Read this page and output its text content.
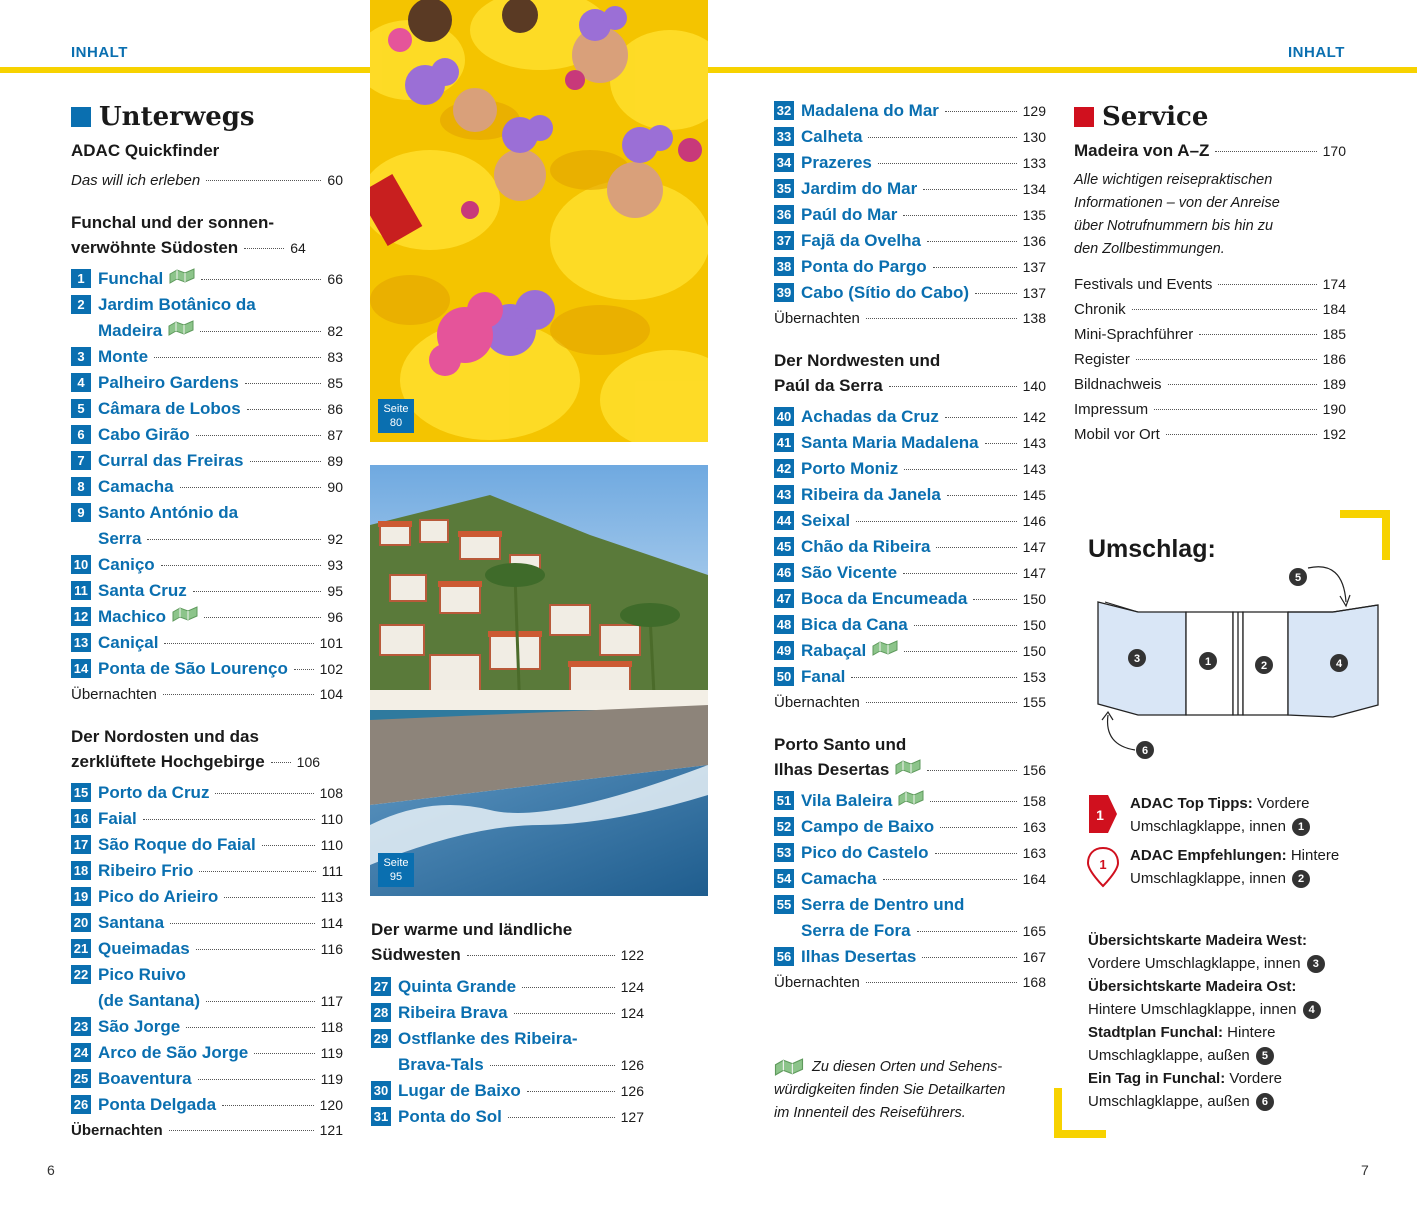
INHALT	INHALT
Unterwegs
ADAC Quickfinder
Das will ich erleben	60
Funchal und der sonnen-
verwöhnte Südosten	64
1 Funchal	66
2 Jardim Botânico da
Madeira	82
3 Monte	83
4 Palheiro Gardens	85
5 Câmara de Lobos	86
6 Cabo Girão	87
7 Curral das Freiras	89
8 Camacha	90
9 Santo António da
Serra	92
10 Caniço	93
11 Santa Cruz	95
12 Machico	96
13 Caniçal	101
14 Ponta de São Lourenço 102
Übernachten	104
Der Nordosten und das
zerklüftete Hochgebirge 106
15 Porto da Cruz	108
16 Faial	110
17 São Roque do Faial	110
18 Ribeiro Frio	111
19 Pico do Arieiro	113
20 Santana	114
21 Queimadas	116
22 Pico Ruivo
(de Santana)	117
23 São Jorge	118
24 Arco de São Jorge	119
25 Boaventura	119
26 Ponta Delgada	120
Übernachten	121
Seite
80
Seite
95
Der warme und ländliche
Südwesten	122
27 Quinta Grande	124
28 Ribeira Brava	124
29 Ostflanke des Ribeira-
Brava-Tals	126
30 Lugar de Baixo	126
31 Ponta do Sol	127
32 Madalena do Mar	129
33 Calheta	130
34 Prazeres	133
35 Jardim do Mar	134
36 Paúl do Mar	135
37 Fajã da Ovelha	136
38 Ponta do Pargo	137
39 Cabo (Sítio do Cabo)	137
Übernachten	138
Der Nordwesten und
Paúl da Serra	140
40 Achadas da Cruz	142
41 Santa Maria Madalena	143
42 Porto Moniz	143
43 Ribeira da Janela	145
44 Seixal	146
45 Chão da Ribeira	147
46 São Vicente	147
47 Boca da Encumeada	150
48 Bica da Cana	150
49 Rabaçal	150
50 Fanal	153
Übernachten	155
Porto Santo und
Ilhas Desertas	156
51 Vila Baleira	158
52 Campo de Baixo	163
53 Pico do Castelo	163
54 Camacha	164
55 Serra de Dentro und
Serra de Fora	165
56 Ilhas Desertas	167
Übernachten	168
Zu diesen Orten und Sehens-
würdigkeiten finden Sie Detailkarten
im Innenteil des Reiseführers.
Service
Madeira von A–Z	170
Alle wichtigen reisepraktischen
Informationen – von der Anreise
über Notrufnummern bis hin zu
den Zollbestimmungen.
Festivals und Events	174
Chronik	184
Mini-Sprachführer	185
Register	186
Bildnachweis	189
Impressum	190
Mobil vor Ort	192
Umschlag:
3	1	2	4
5
6
1
ADAC Top Tipps: Vordere
Umschlagklappe, innen 1
1
ADAC Empfehlungen: Hintere
Umschlagklappe, innen 2
Übersichtskarte Madeira West:
Vordere Umschlagklappe, innen 3
Übersichtskarte Madeira Ost:
Hintere Umschlagklappe, innen 4
Stadtplan Funchal: Hintere
Umschlagklappe, außen 5
Ein Tag in Funchal: Vordere
Umschlagklappe, außen 6
6	7
